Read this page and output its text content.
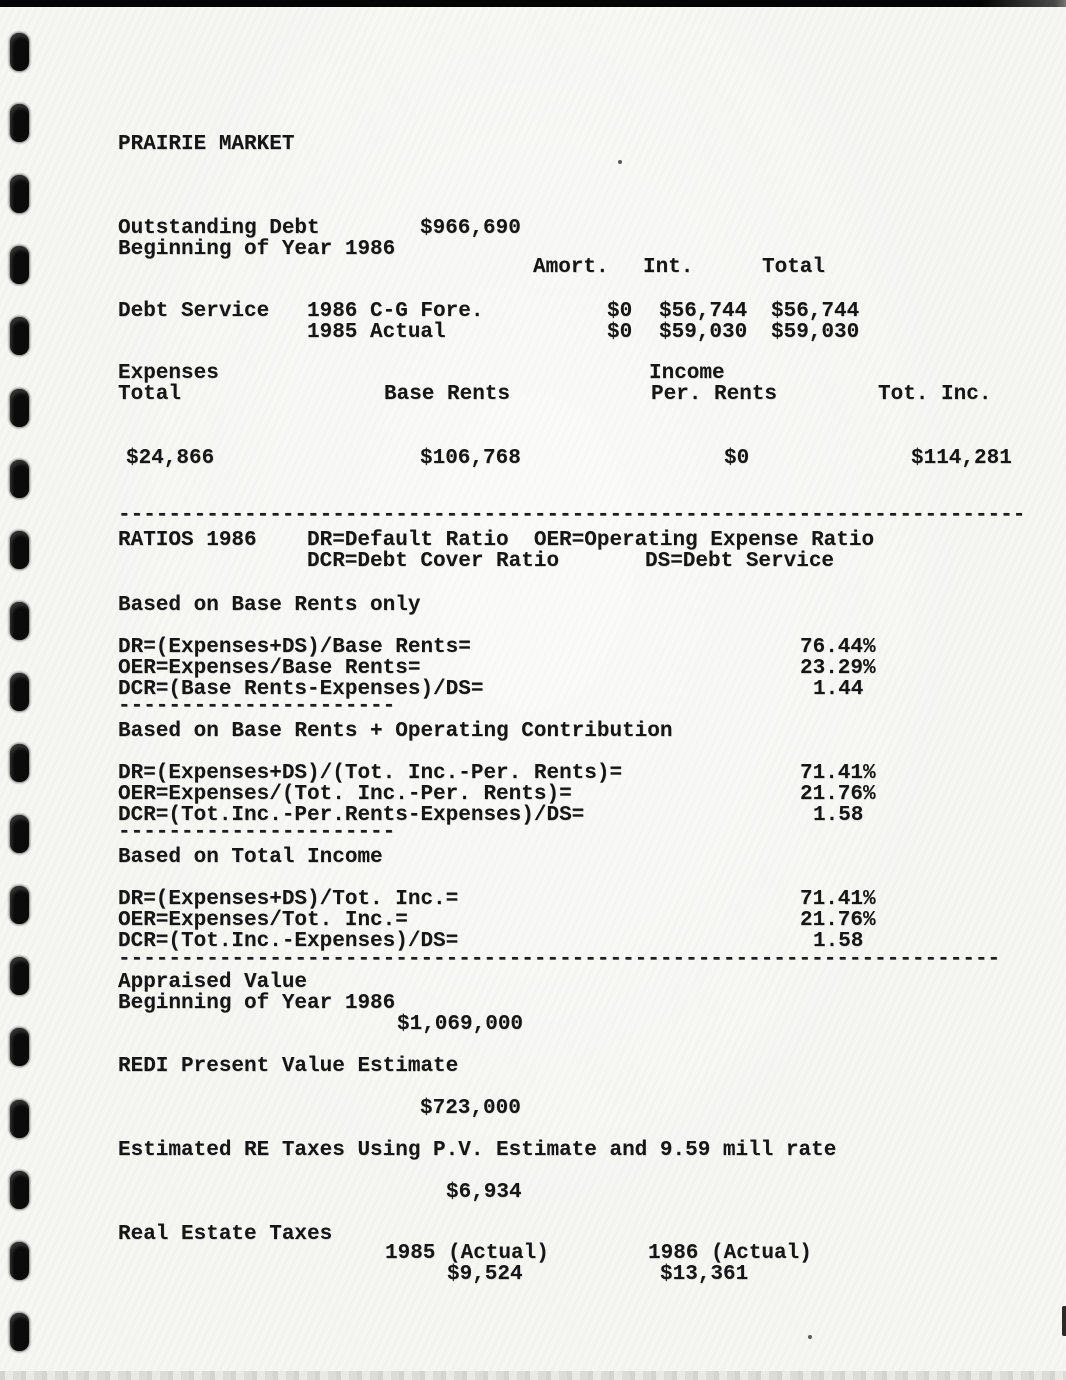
PRAIRIE MARKET
Outstanding Debt	$966,690
Beginning of Year 1986
Amort. Int.	Total
Debt Service 1986 C-G Fore.	$0 $56,744 $56,744
1985 Actual	$0 $59,030 $59,030
Expenses	Income
Total	Base Rents	Per. Rents	Tot. Inc.
$24,866	$106,768	$0	$114,281
------------------------------------------------------------------------
RATIOS 1986 DR=Default Ratio  OER=Operating Expense Ratio
DCR=Debt Cover Ratio	DS=Debt Service
Based on Base Rents only
DR=(Expenses+DS)/Base Rents=	76.44%
OER=Expenses/Base Rents=	23.29%
DCR=(Base Rents-Expenses)/DS=	1.44
----------------------
Based on Base Rents + Operating Contribution
DR=(Expenses+DS)/(Tot. Inc.-Per. Rents)=	71.41%
OER=Expenses/(Tot. Inc.-Per. Rents)=	21.76%
DCR=(Tot.Inc.-Per.Rents-Expenses)/DS=	1.58
----------------------
Based on Total Income
DR=(Expenses+DS)/Tot. Inc.=	71.41%
OER=Expenses/Tot. Inc.=	21.76%
DCR=(Tot.Inc.-Expenses)/DS=	1.58
----------------------------------------------------------------------
Appraised Value
Beginning of Year 1986
$1,069,000
REDI Present Value Estimate
$723,000
Estimated RE Taxes Using P.V. Estimate and 9.59 mill rate
$6,934
Real Estate Taxes
1985 (Actual)	1986 (Actual)
$9,524	$13,361
